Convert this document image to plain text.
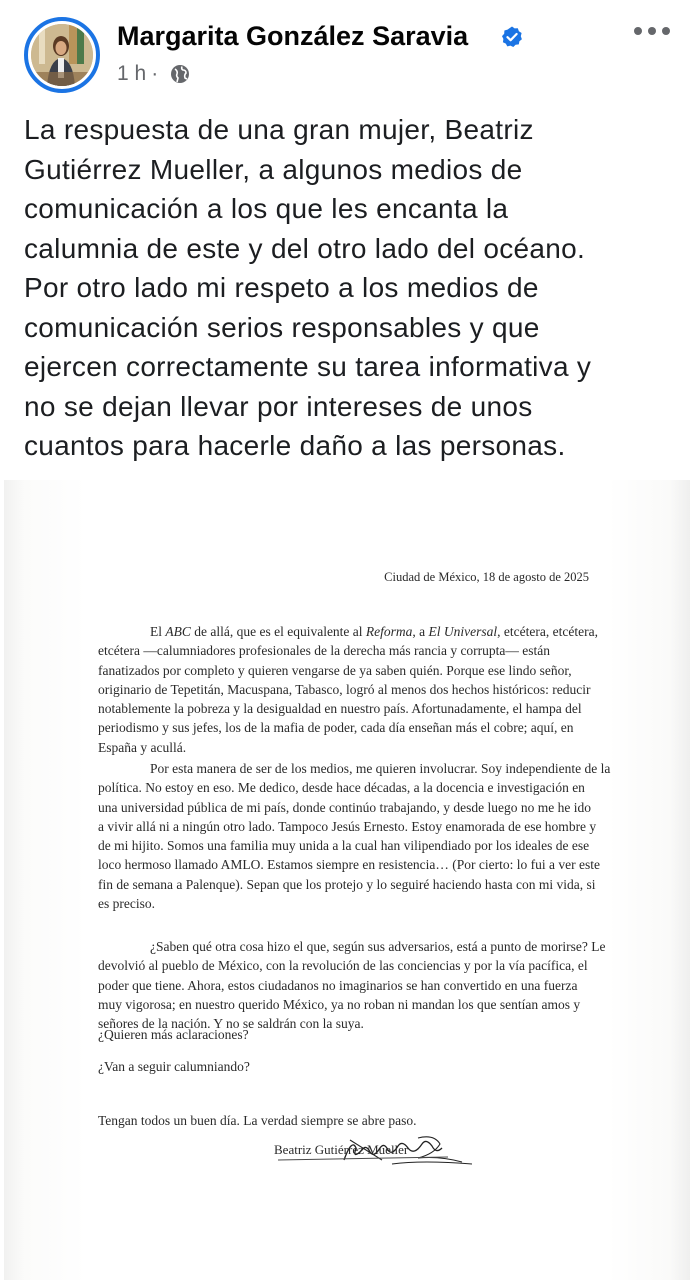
Margarita González Saravia
1 h ·
La respuesta de una gran mujer, Beatriz
Gutiérrez Mueller, a algunos medios de
comunicación a los que les encanta la
calumnia de este y del otro lado del océano.
Por otro lado mi respeto a los medios de
comunicación serios responsables y que
ejercen correctamente su tarea informativa y
no se dejan llevar por intereses de unos
cuantos para hacerle daño a las personas.
Ciudad de México, 18 de agosto de 2025
El ABC de allá, que es el equivalente al Reforma, a El Universal, etcétera, etcétera,
etcétera —calumniadores profesionales de la derecha más rancia y corrupta— están
fanatizados por completo y quieren vengarse de ya saben quién. Porque ese lindo señor,
originario de Tepetitán, Macuspana, Tabasco, logró al menos dos hechos históricos: reducir
notablemente la pobreza y la desigualdad en nuestro país. Afortunadamente, el hampa del
periodismo y sus jefes, los de la mafia de poder, cada día enseñan más el cobre; aquí, en
España y acullá.
Por esta manera de ser de los medios, me quieren involucrar. Soy independiente de la
política. No estoy en eso. Me dedico, desde hace décadas, a la docencia e investigación en
una universidad pública de mi país, donde continúo trabajando, y desde luego no me he ido
a vivir allá ni a ningún otro lado. Tampoco Jesús Ernesto. Estoy enamorada de ese hombre y
de mi hijito. Somos una familia muy unida a la cual han vilipendiado por los ideales de ese
loco hermoso llamado AMLO. Estamos siempre en resistencia… (Por cierto: lo fui a ver este
fin de semana a Palenque). Sepan que los protejo y lo seguiré haciendo hasta con mi vida, si
es preciso.
¿Saben qué otra cosa hizo el que, según sus adversarios, está a punto de morirse? Le
devolvió al pueblo de México, con la revolución de las conciencias y por la vía pacífica, el
poder que tiene. Ahora, estos ciudadanos no imaginarios se han convertido en una fuerza
muy vigorosa; en nuestro querido México, ya no roban ni mandan los que sentían amos y
señores de la nación. Y no se saldrán con la suya.
¿Quieren más aclaraciones?
¿Van a seguir calumniando?
Tengan todos un buen día. La verdad siempre se abre paso.
Beatriz Gutiérrez Mueller
